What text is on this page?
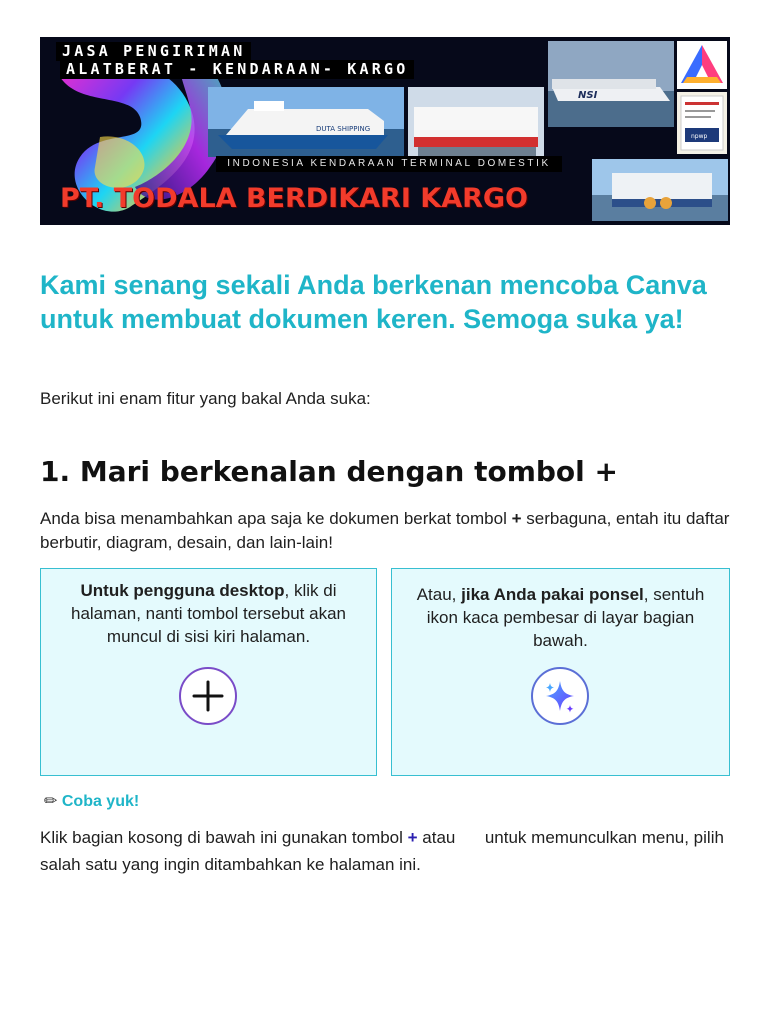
JASA PENGIRIMAN
ALATBERAT - KENDARAAN- KARGO
DUTA SHIPPING
NSI
npwp
INDONESIA KENDARAAN TERMINAL DOMESTIK
PT. TODALA BERDIKARI KARGO
Kami senang sekali Anda berkenan mencoba Canva untuk membuat dokumen keren. Semoga suka ya!

Berikut ini enam fitur yang bakal Anda suka:

1. Mari berkenalan dengan tombol +

Anda bisa menambahkan apa saja ke dokumen berkat tombol + serbaguna, entah itu daftar berbutir, diagram, desain, dan lain-lain!

Untuk pengguna desktop, klik di halaman, nanti tombol tersebut akan muncul di sisi kiri halaman.

Atau, jika Anda pakai ponsel, sentuh ikon kaca pembesar di layar bagian bawah.

✏ Coba yuk!

Klik bagian kosong di bawah ini gunakan tombol + atau  untuk memunculkan menu, pilih salah satu yang ingin ditambahkan ke halaman ini.
